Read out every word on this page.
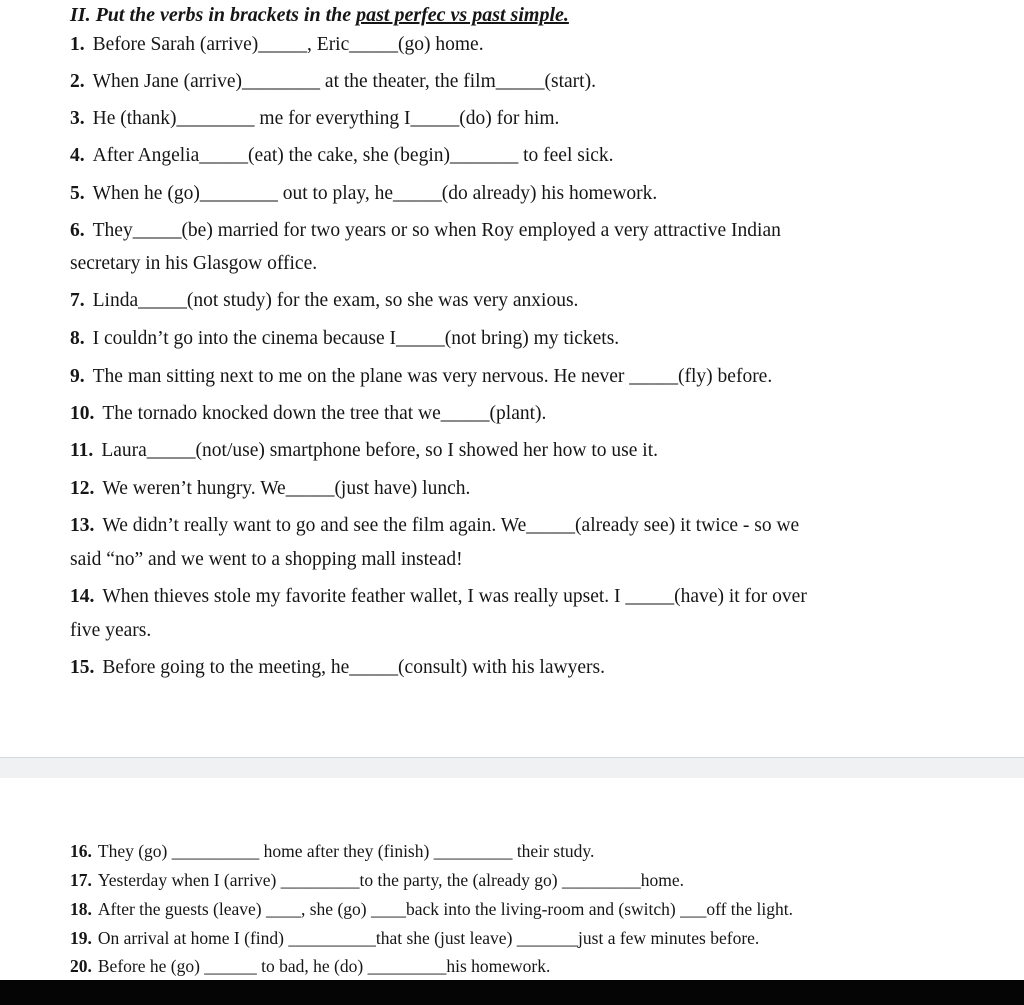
II. Put the verbs in brackets in the past perfec vs past simple.
1. Before Sarah (arrive)_____, Eric_____(go) home.
2. When Jane (arrive)________ at the theater, the film_____(start).
3. He (thank)________ me for everything I_____(do) for him.
4. After Angelia_____(eat) the cake, she (begin)_______ to feel sick.
5. When he (go)________ out to play, he_____(do already) his homework.
6. They_____(be) married for two years or so when Roy employed a very attractive Indian
secretary in his Glasgow office.
7. Linda_____(not study) for the exam, so she was very anxious.
8. I couldn’t go into the cinema because I_____(not bring) my tickets.
9. The man sitting next to me on the plane was very nervous. He never _____(fly) before.
10. The tornado knocked down the tree that we_____(plant).
11. Laura_____(not/use) smartphone before, so I showed her how to use it.
12. We weren’t hungry. We_____(just have) lunch.
13. We didn’t really want to go and see the film again. We_____(already see) it twice - so we
said “no” and we went to a shopping mall instead!
14. When thieves stole my favorite feather wallet, I was really upset. I _____(have) it for over
five years.
15. Before going to the meeting, he_____(consult) with his lawyers.
16. They (go) __________ home after they (finish) _________ their study.
17. Yesterday when I (arrive) _________to the party, the (already go) _________home.
18. After the guests (leave) ____, she (go) ____back into the living-room and (switch) ___off the light.
19. On arrival at home I (find) __________that she (just leave) _______just a few minutes before.
20. Before he (go) ______ to bad, he (do) _________his homework.
